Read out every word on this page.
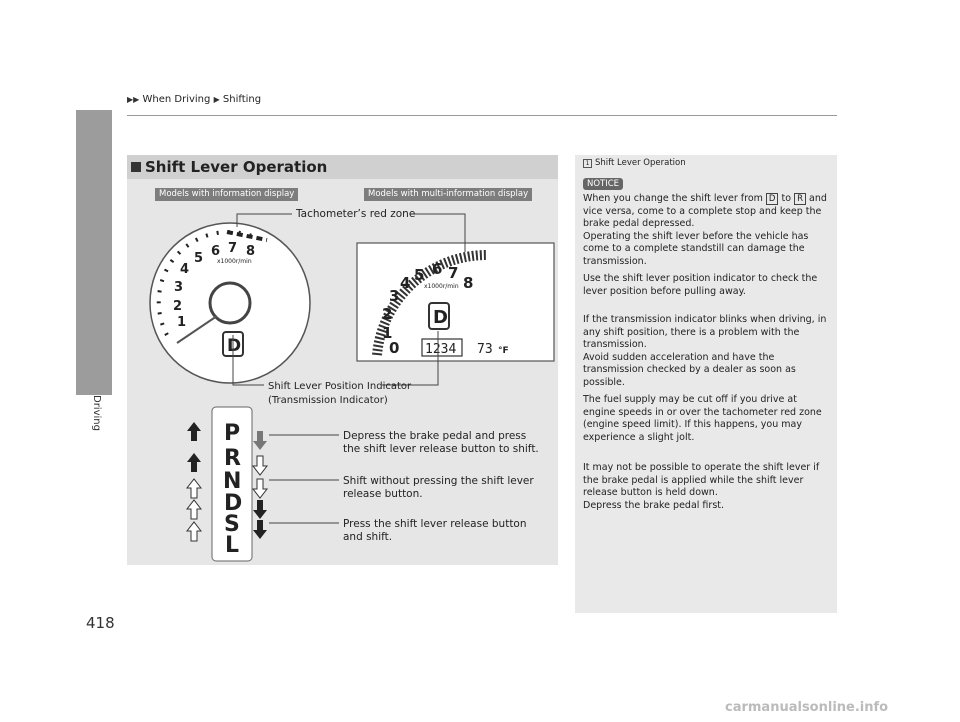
▶▶ When Driving ▶ Shifting
Driving
418
Shift Lever Operation
Models with information display	Models with multi-information display
1
2
3
4
5 6 7 8
x1000r/min
D	0
1
2
3
4 5 6 7
8
x1000r/min
D
1234 73 °F
Tachometer’s red zone
Shift Lever Position Indicator
(Transmission Indicator)
P
R
N
D
S
L
Depress the brake pedal and press
the shift lever release button to shift.
Shift without pressing the shift lever
release button.
Press the shift lever release button
and shift.
1 Shift Lever Operation
NOTICE
When you change the shift lever from D to R and vice versa, come to a complete stop and keep the brake pedal depressed.
Operating the shift lever before the vehicle has come to a complete standstill can damage the transmission.
Use the shift lever position indicator to check the lever position before pulling away.
If the transmission indicator blinks when driving, in any shift position, there is a problem with the transmission.
Avoid sudden acceleration and have the transmission checked by a dealer as soon as possible.
The fuel supply may be cut off if you drive at engine speeds in or over the tachometer red zone (engine speed limit). If this happens, you may experience a slight jolt.
It may not be possible to operate the shift lever if the brake pedal is applied while the shift lever release button is held down.
Depress the brake pedal first.
carmanualsonline.info
